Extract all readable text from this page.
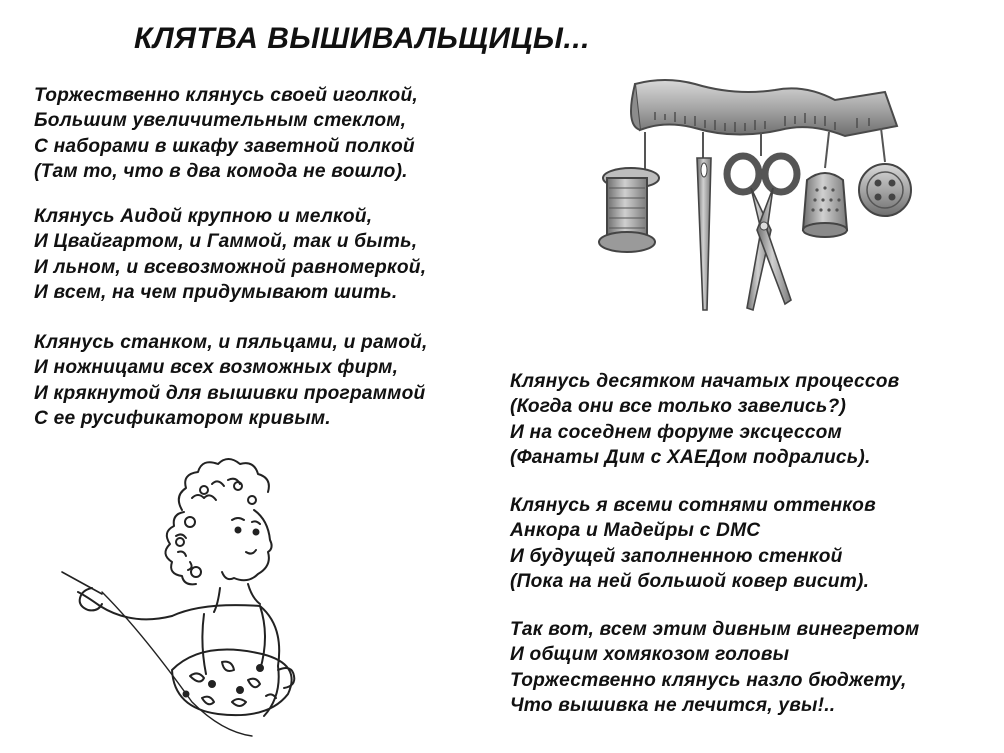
КЛЯТВА ВЫШИВАЛЬЩИЦЫ...

Торжественно клянусь своей иголкой,
Большим увеличительным стеклом,
С наборами в шкафу заветной полкой
(Там то, что в два комода не вошло).

Клянусь Аидой крупною и мелкой,
И Цвайгартом, и Гаммой, так и быть,
И льном, и всевозможной равномеркой,
И всем, на чем придумывают шить.

Клянусь станком, и пяльцами, и рамой,
И ножницами всех возможных фирм,
И крякнутой для вышивки программой
С ее русификатором кривым.

Клянусь десятком начатых процессов
(Когда они все только завелись?)
И на соседнем форуме эксцессом
(Фанаты Дим с ХАЕДом подрались).

Клянусь я всеми сотнями оттенков
Анкора и Мадейры с DMC
И будущей заполненною стенкой
(Пока на ней большой ковер висит).

Так вот, всем этим дивным винегретом
И общим хомякозом головы
Торжественно клянусь назло бюджету,
Что вышивка не лечится, увы!..
